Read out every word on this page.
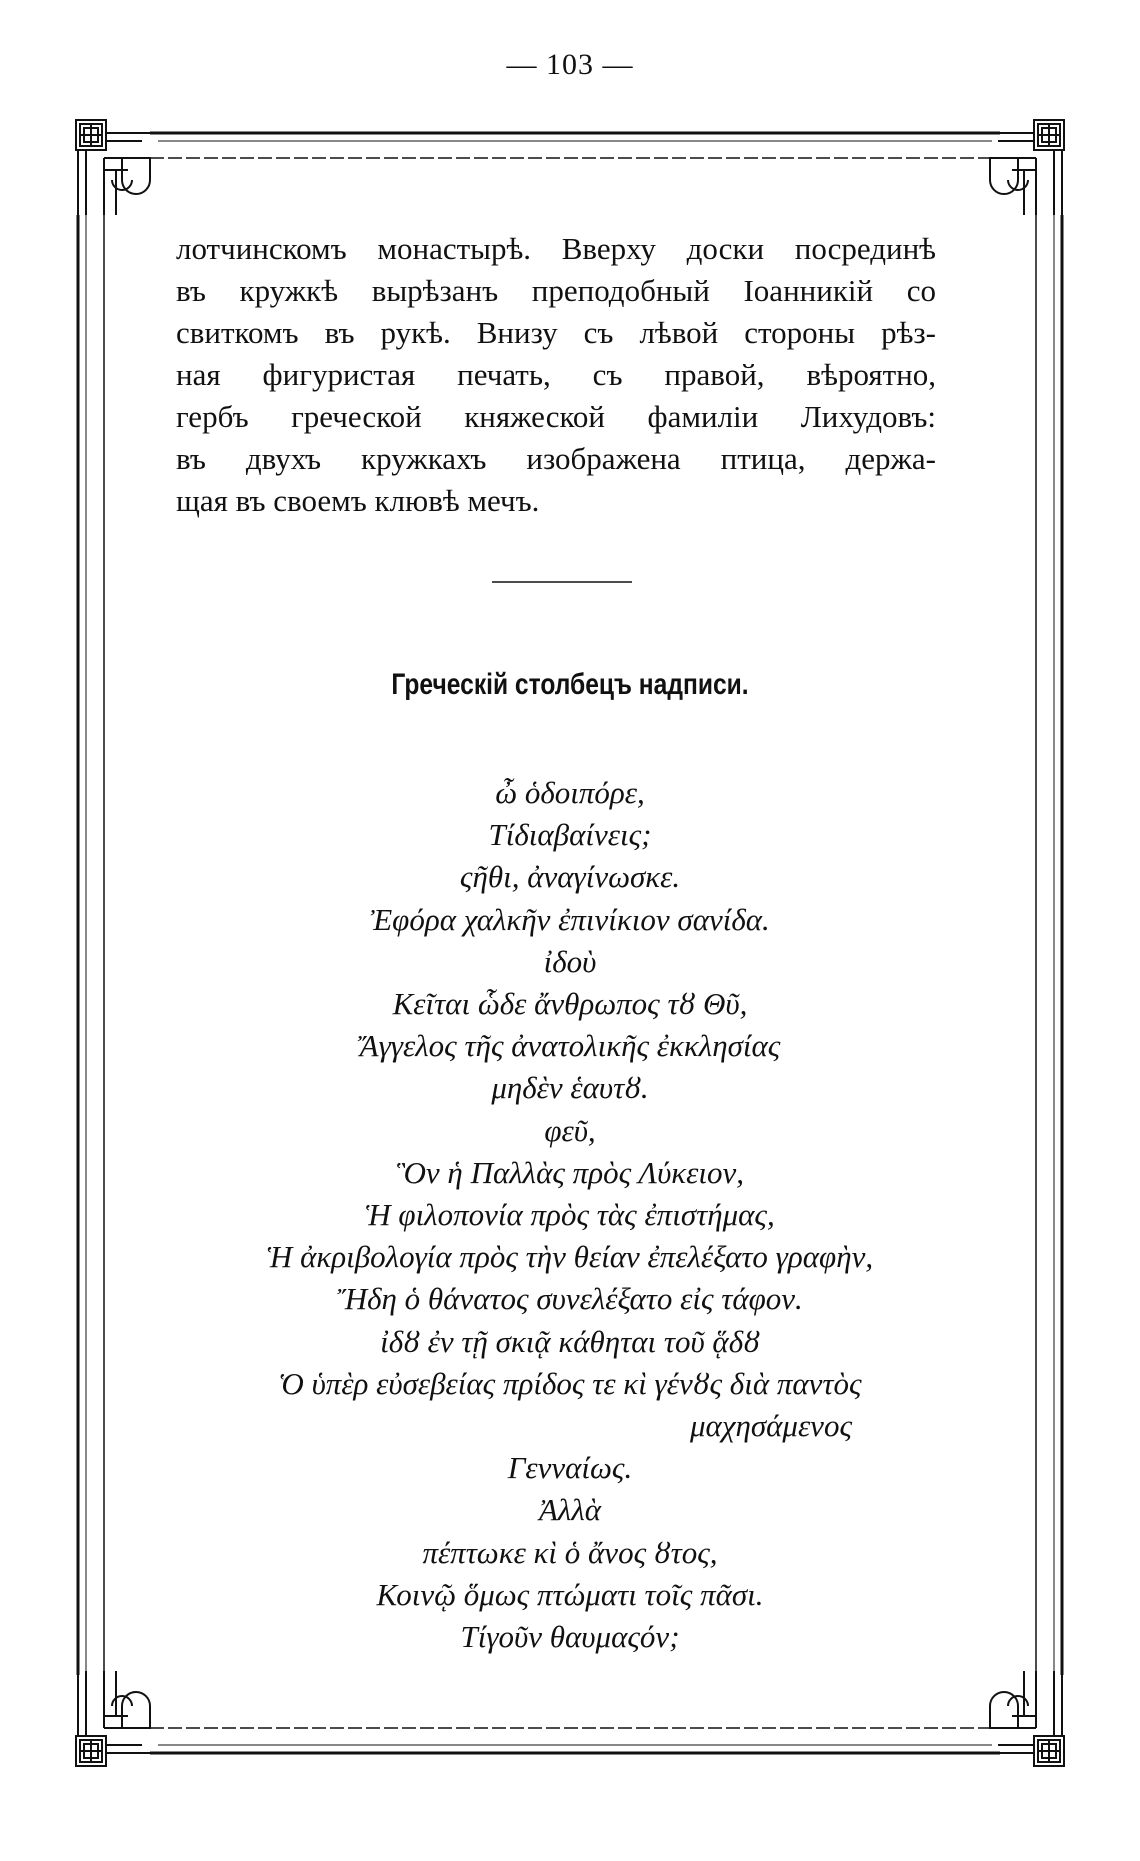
— 103 —
лотчинскомъ монастырѣ. Вверху доски посрединѣ
въ кружкѣ вырѣзанъ преподобный Іоанникій со
свиткомъ въ рукѣ. Внизу съ лѣвой стороны рѣз-
ная фигуристая печать, съ правой, вѣроятно,
гербъ греческой княжеской фамиліи Лихудовъ:
въ двухъ кружкахъ изображена птица, держа-
щая въ своемъ клювѣ мечъ.
Греческій столбецъ надписи.
ὦ ὁδοιπόρε,
Τίδιαβαίνεις;
ςῆθι, ἀναγίνωσκε.
Ἐφόρα χαλκῆν ἐπινίκιον σανίδα.
ἰδοὺ
Κεῖται ὧδε ἄνθρωπος τȣ Θῦ,
Ἄγγελος τῆς ἀνατολικῆς ἐκκλησίας
μηδὲν ἑαυτȣ.
φεῦ,
Ὃν ἡ Παλλὰς πρὸς Λύκειον,
Ἡ φιλοπονία πρὸς τὰς ἐπιστήμας,
Ἡ ἀκριβολογία πρὸς τὴν θείαν ἐπελέξατο γραφὴν,
Ἤδη ὁ θάνατος συνελέξατο εἰς τάφον.
ἰδȣ ἐν τῇ σκιᾷ κάθηται τοῦ ᾅδȣ
Ὁ ὑπὲρ εὐσεβείας πρίδος τε κὶ γένȣς διὰ παντὸς
μαχησάμενος
Γενναίως.
Ἀλλὰ
πέπτωκε κὶ ὁ ἄνος ȣτος,
Κοινῷ ὅμως πτώματι τοῖς πᾶσι.
Τίγοῦν θαυμαςόν;
